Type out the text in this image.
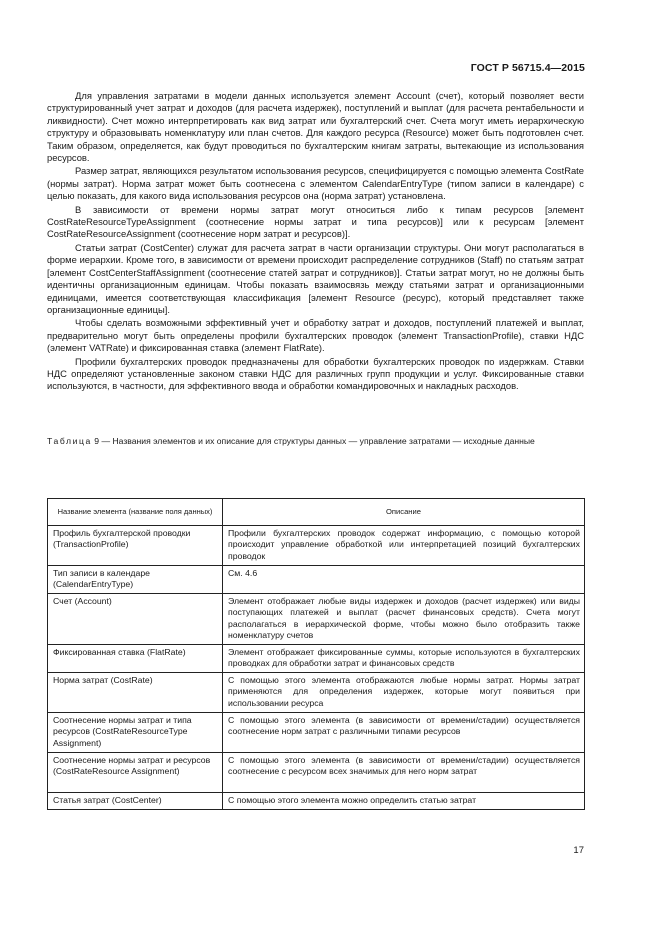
ГОСТ Р 56715.4—2015

Для управления затратами в модели данных используется элемент Account (счет), который позволяет вести структурированный учет затрат и доходов (для расчета издержек), поступлений и выплат (для расчета рентабельности и ликвидности). Счет можно интерпретировать как вид затрат или бухгалтерский счет. Счета могут иметь иерархическую структуру и образовывать номенклатуру или план счетов. Для каждого ресурса (Resource) может быть подготовлен счет. Таким образом, определяется, как будут проводиться по бухгалтерским книгам затраты, вытекающие из использования ресурсов.

Размер затрат, являющихся результатом использования ресурсов, специфицируется с помощью элемента CostRate (нормы затрат). Норма затрат может быть соотнесена с элементом CalendarEntryType (типом записи в календаре) с целью показать, для какого вида использования ресурсов она (норма затрат) установлена.

В зависимости от времени нормы затрат могут относиться либо к типам ресурсов [элемент CostRateResourceTypeAssignment (соотнесение нормы затрат и типа ресурсов)] или к ресурсам [элемент CostRateResourceAssignment (соотнесение норм затрат и ресурсов)].

Статьи затрат (CostCenter) служат для расчета затрат в части организации структуры. Они могут располагаться в форме иерархии. Кроме того, в зависимости от времени происходит распределение сотрудников (Staff) по статьям затрат [элемент CostCenterStaffAssignment (соотнесение статей затрат и сотрудников)]. Статьи затрат могут, но не должны быть идентичны организационным единицам. Чтобы показать взаимосвязь между статьями затрат и организационными единицами, имеется соответствующая классификация [элемент Resource (ресурс), который представляет также организационные единицы].

Чтобы сделать возможными эффективный учет и обработку затрат и доходов, поступлений платежей и выплат, предварительно могут быть определены профили бухгалтерских проводок (элемент TransactionProfile), ставки НДС (элемент VATRate) и фиксированная ставка (элемент FlatRate).

Профили бухгалтерских проводок предназначены для обработки бухгалтерских проводок по издержкам. Ставки НДС определяют установленные законом ставки НДС для различных групп продукции и услуг. Фиксированные ставки используются, в частности, для эффективного ввода и обработки командировочных и накладных расходов.

Таблица 9 — Названия элементов и их описание для структуры данных — управление затратами — исходные данные

Название элемента (название поля данных)	Описание
Профиль бухгалтерской проводки (TransactionProfile)	Профили бухгалтерских проводок содержат информацию, с помощью которой происходит управление обработкой или интерпретацией позиций бухгалтерских проводок
Тип записи в календаре (CalendarEntryType)	См. 4.6
Счет (Account)	Элемент отображает любые виды издержек и доходов (расчет издержек) или виды поступающих платежей и выплат (расчет финансовых средств). Счета могут располагаться в иерархической форме, чтобы можно было отобразить также номенклатуру счетов
Фиксированная ставка (FlatRate)	Элемент отображает фиксированные суммы, которые используются в бухгалтерских проводках для обработки затрат и финансовых средств
Норма затрат (CostRate)	С помощью этого элемента отображаются любые нормы затрат. Нормы затрат применяются для определения издержек, которые могут появиться при использовании ресурса
Соотнесение нормы затрат и типа ресурсов (CostRateResourceType Assignment)	С помощью этого элемента (в зависимости от времени/стадии) осуществляется соотнесение норм затрат с различными типами ресурсов
Соотнесение нормы затрат и ресурсов (CostRateResource Assignment)	С помощью этого элемента (в зависимости от времени/стадии) осуществляется соотнесение с ресурсом всех значимых для него норм затрат
Статья затрат (CostCenter)	С помощью этого элемента можно определить статью затрат
17
